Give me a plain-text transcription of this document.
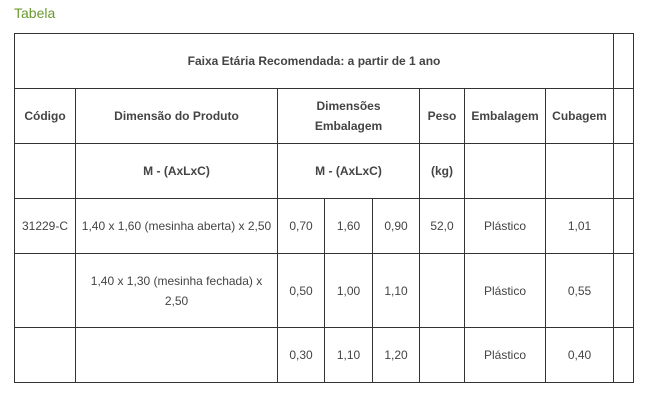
Tabela
Faixa Etária Recomendada: a partir de 1 ano								
Código	Dimensão do Produto	Dimensões Embalagem			Peso	Embalagem	Cubagem	
	M - (AxLxC)	M - (AxLxC)			(kg)			
31229-C	1,40 x 1,60 (mesinha aberta) x 2,50	0,70	1,60	0,90	52,0	Plástico	1,01	
	1,40 x 1,30 (mesinha fechada) x 2,50	0,50	1,00	1,10		Plástico	0,55	
		0,30	1,10	1,20		Plástico	0,40	
